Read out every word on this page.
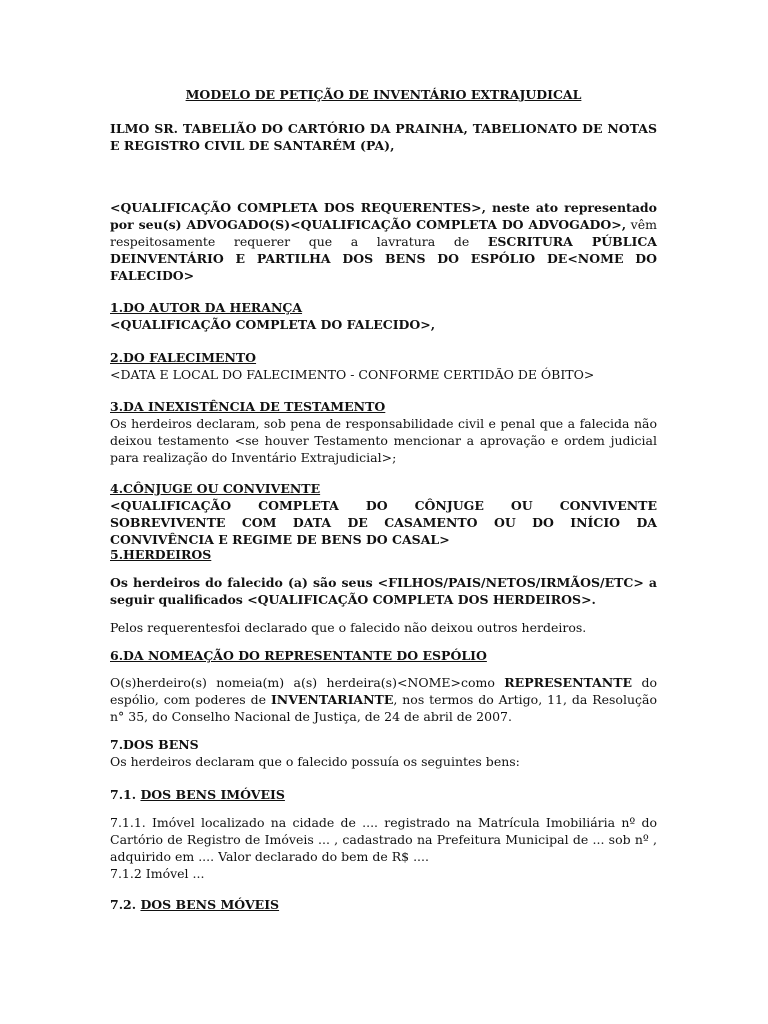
MODELO DE PETIÇÃO DE INVENTÁRIO EXTRAJUDICAL

ILMO SR. TABELIÃO DO CARTÓRIO DA PRAINHA, TABELIONATO DE NOTAS E REGISTRO CIVIL DE SANTARÉM (PA),

<QUALIFICAÇÃO COMPLETA DOS REQUERENTES>, neste ato representado por seu(s) ADVOGADO(S)<QUALIFICAÇÃO COMPLETA DO ADVOGADO>, vêm respeitosamente requerer que a lavratura de ESCRITURA PÚBLICA DEINVENTÁRIO E PARTILHA DOS BENS DO ESPÓLIO DE<NOME DO FALECIDO>

1.DO AUTOR DA HERANÇA

<QUALIFICAÇÃO COMPLETA DO FALECIDO>,

2.DO FALECIMENTO

<DATA E LOCAL DO FALECIMENTO - CONFORME CERTIDÃO DE ÓBITO>

3.DA INEXISTÊNCIA DE TESTAMENTO

Os herdeiros declaram, sob pena de responsabilidade civil e penal que a falecida não deixou testamento <se houver Testamento mencionar a aprovação e ordem judicial para realização do Inventário Extrajudicial>;

4.CÔNJUGE OU CONVIVENTE

<QUALIFICAÇÃO COMPLETA DO CÔNJUGE OU CONVIVENTE SOBREVIVENTE COM DATA DE CASAMENTO OU DO INÍCIO DA CONVIVÊNCIA E REGIME DE BENS DO CASAL>

5.HERDEIROS

Os herdeiros do falecido (a) são seus <FILHOS/PAIS/NETOS/IRMÃOS/ETC> a seguir qualificados <QUALIFICAÇÃO COMPLETA DOS HERDEIROS>.

Pelos requerentesfoi declarado que o falecido não deixou outros herdeiros.

6.DA NOMEAÇÃO DO REPRESENTANTE DO ESPÓLIO

O(s)herdeiro(s) nomeia(m) a(s) herdeira(s)<NOME>como REPRESENTANTE do espólio, com poderes de INVENTARIANTE, nos termos do Artigo, 11, da Resolução n° 35, do Conselho Nacional de Justiça, de 24 de abril de 2007.

7.DOS BENS

Os herdeiros declaram que o falecido possuía os seguintes bens:

7.1. DOS BENS IMÓVEIS

7.1.1. Imóvel localizado na cidade de .... registrado na Matrícula Imobiliária nº do Cartório de Registro de Imóveis ... , cadastrado na Prefeitura Municipal de ... sob nº , adquirido em .... Valor declarado do bem de R$ ....

7.1.2 Imóvel ...

7.2. DOS BENS MÓVEIS
